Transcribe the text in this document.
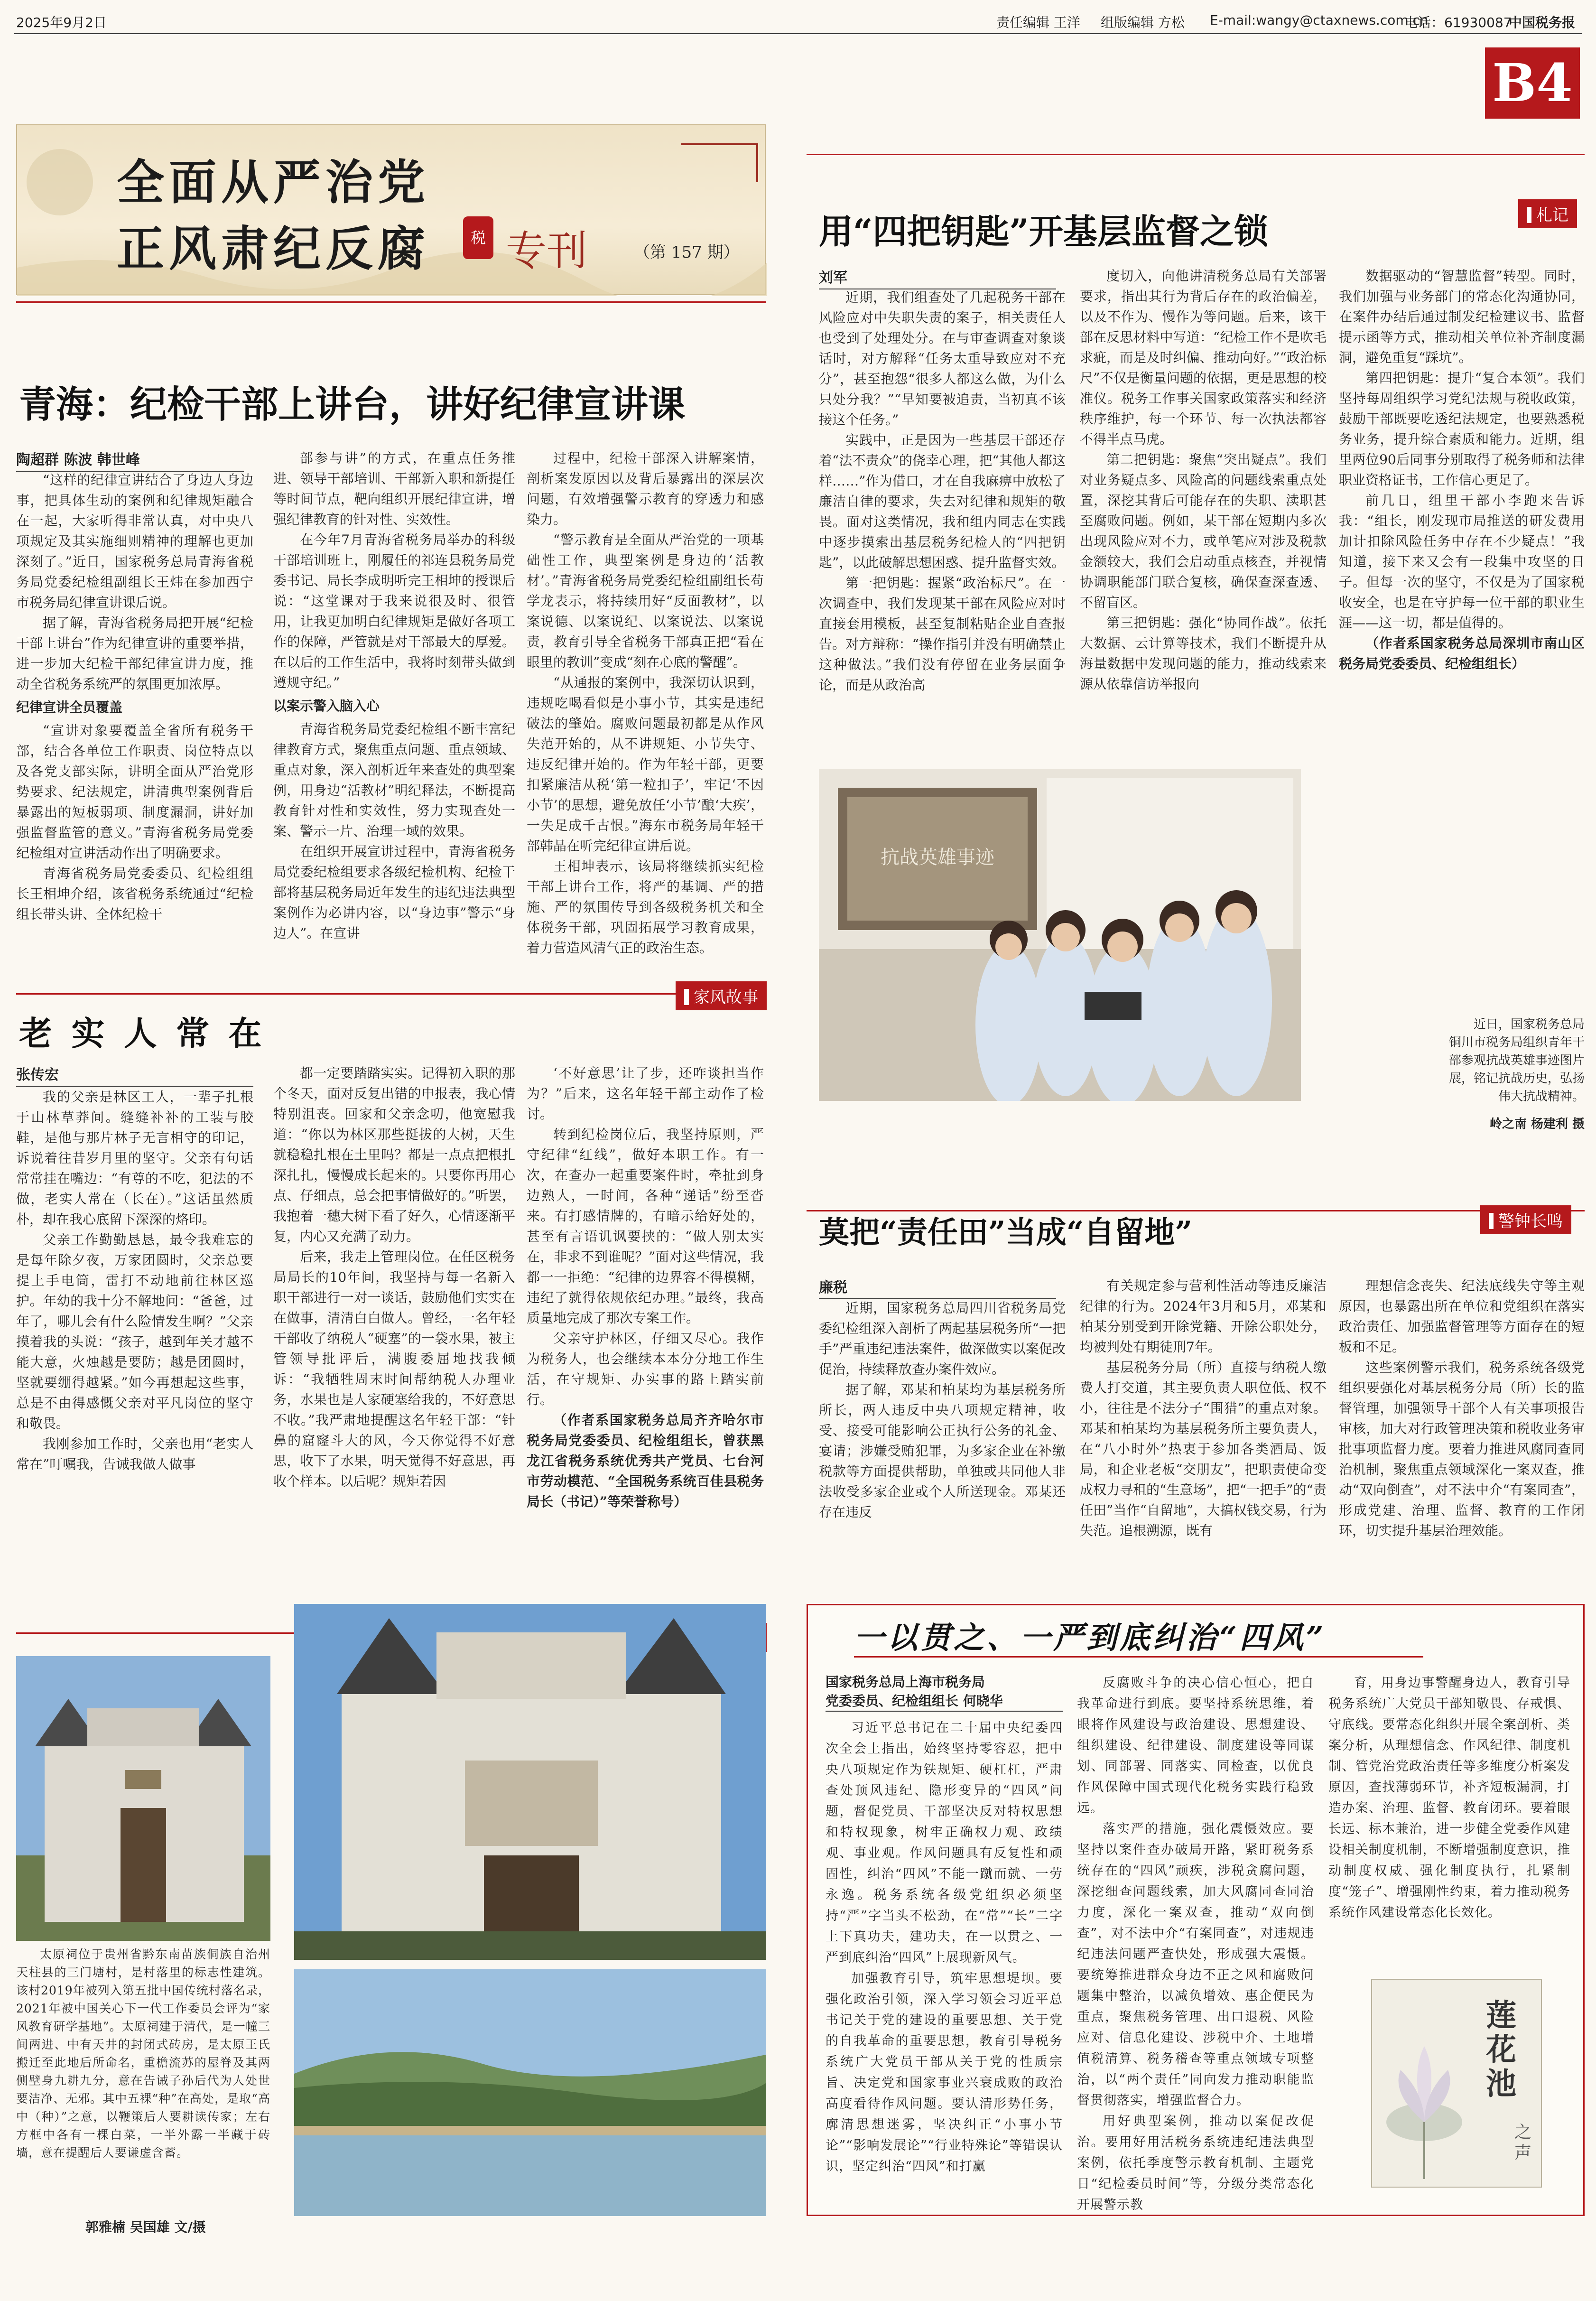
2025年9月2日	责任编辑 王洋 组版编辑 方松 E-mail:wangy@ctaxnews.com.cn
电话：61930087
中国税务报
B4
全面从严治党
正风肃纪反腐	税 专刊	（第 157 期）
青海：纪检干部上讲台，讲好纪律宣讲课
陶超群 陈波 韩世峰

“这样的纪律宣讲结合了身边人身边事，把具体生动的案例和纪律规矩融合在一起，大家听得非常认真，对中央八项规定及其实施细则精神的理解也更加深刻了。”近日，国家税务总局青海省税务局党委纪检组副组长王炜在参加西宁市税务局纪律宣讲课后说。

据了解，青海省税务局把开展“纪检干部上讲台”作为纪律宣讲的重要举措，进一步加大纪检干部纪律宣讲力度，推动全省税务系统严的氛围更加浓厚。

纪律宣讲全员覆盖

“宣讲对象要覆盖全省所有税务干部，结合各单位工作职责、岗位特点以及各党支部实际，讲明全面从严治党形势要求、纪法规定，讲清典型案例背后暴露出的短板弱项、制度漏洞，讲好加强监督监管的意义。”青海省税务局党委纪检组对宣讲活动作出了明确要求。

青海省税务局党委委员、纪检组组长王相坤介绍，该省税务系统通过“纪检组长带头讲、全体纪检干

部参与讲”的方式，在重点任务推进、领导干部培训、干部新入职和新提任等时间节点，靶向组织开展纪律宣讲，增强纪律教育的针对性、实效性。

在今年7月青海省税务局举办的科级干部培训班上，刚履任的祁连县税务局党委书记、局长李成明听完王相坤的授课后说：“这堂课对于我来说很及时、很管用，让我更加明白纪律规矩是做好各项工作的保障，严管就是对干部最大的厚爱。在以后的工作生活中，我将时刻带头做到遵规守纪。”

以案示警入脑入心

青海省税务局党委纪检组不断丰富纪律教育方式，聚焦重点问题、重点领域、重点对象，深入剖析近年来查处的典型案例，用身边“活教材”明纪释法，不断提高教育针对性和实效性，努力实现查处一案、警示一片、治理一域的效果。

在组织开展宣讲过程中，青海省税务局党委纪检组要求各级纪检机构、纪检干部将基层税务局近年发生的违纪违法典型案例作为必讲内容，以“身边事”警示“身边人”。在宣讲

过程中，纪检干部深入讲解案情，剖析案发原因以及背后暴露出的深层次问题，有效增强警示教育的穿透力和感染力。

“警示教育是全面从严治党的一项基础性工作，典型案例是身边的‘活教材’。”青海省税务局党委纪检组副组长苟学龙表示，将持续用好“反面教材”，以案说德、以案说纪、以案说法、以案说责，教育引导全省税务干部真正把“看在眼里的教训”变成“刻在心底的警醒”。

“从通报的案例中，我深切认识到，违规吃喝看似是小事小节，其实是违纪破法的肇始。腐败问题最初都是从作风失范开始的，从不讲规矩、小节失守、违反纪律开始的。作为年轻干部，更要扣紧廉洁从税‘第一粒扣子’，牢记‘不因小节’的思想，避免放任‘小节’酿‘大疾’，一失足成千古恨。”海东市税务局年轻干部韩晶在听完纪律宣讲后说。

王相坤表示，该局将继续抓实纪检干部上讲台工作，将严的基调、严的措施、严的氛围传导到各级税务机关和全体税务干部，巩固拓展学习教育成果，着力营造风清气正的政治生态。

家风故事
老 实 人 常 在
张传宏

我的父亲是林区工人，一辈子扎根于山林草莽间。缝缝补补的工装与胶鞋，是他与那片林子无言相守的印记，诉说着往昔岁月里的坚守。父亲有句话常常挂在嘴边：“有尊的不吃，犯法的不做，老实人常在（长在）。”这话虽然质朴，却在我心底留下深深的烙印。

父亲工作勤勤恳恳，最令我难忘的是每年除夕夜，万家团圆时，父亲总要提上手电筒，雷打不动地前往林区巡护。年幼的我十分不解地问：“爸爸，过年了，哪儿会有什么险情发生啊？”父亲摸着我的头说：“孩子，越到年关才越不能大意，火烛越是要防；越是团圆时，坚就要绷得越紧。”如今再想起这些事，总是不由得感慨父亲对平凡岗位的坚守和敬畏。

我刚参加工作时，父亲也用“老实人常在”叮嘱我，告诫我做人做事

都一定要踏踏实实。记得初入职的那个冬天，面对反复出错的申报表，我心情特别沮丧。回家和父亲念叨，他宽慰我道：“你以为林区那些挺拔的大树，天生就稳稳扎根在土里吗？都是一点点把根扎深扎扎，慢慢成长起来的。只要你再用心点、仔细点，总会把事情做好的。”听罢，我抱着一穗大树下看了好久，心情逐渐平复，内心又充满了动力。

后来，我走上管理岗位。在任区税务局局长的10年间，我坚持与每一名新入职干部进行一对一谈话，鼓励他们实实在在做事，清清白白做人。曾经，一名年轻干部收了纳税人“硬塞”的一袋水果，被主管领导批评后，满腹委屈地找我倾诉：“我牺牲周末时间帮纳税人办理业务，水果也是人家硬塞给我的，不好意思不收。”我严肃地提醒这名年轻干部：“针鼻的窟窿斗大的风，今天你觉得不好意思，收下了水果，明天觉得不好意思，再收个样本。以后呢？规矩若因

‘不好意思’让了步，还咋谈担当作为？”后来，这名年轻干部主动作了检讨。

转到纪检岗位后，我坚持原则，严守纪律“红线”，做好本职工作。有一次，在查办一起重要案件时，牵扯到身边熟人，一时间，各种“递话”纷至沓来。有打感情牌的，有暗示给好处的，甚至有言语讥讽要挟的：“做人别太实在，非求不到谁呢？”面对这些情况，我都一一拒绝：“纪律的边界容不得模糊，违纪了就得依规依纪办理。”最终，我高质量地完成了那次专案工作。

父亲守护林区，仔细又尽心。我作为税务人，也会继续本本分分地工作生活，在守规矩、办实事的路上踏实前行。

（作者系国家税务总局齐齐哈尔市税务局党委委员、纪检组组长，曾获黑龙江省税务系统优秀共产党员、七台河市劳动模范、“全国税务系统百佳县税务局长（书记）”等荣誉称号）

札记
用“四把钥匙”开基层监督之锁
刘军

近期，我们组查处了几起税务干部在风险应对中失职失责的案子，相关责任人也受到了处理处分。在与审查调查对象谈话时，对方解释“任务太重导致应对不充分”，甚至抱怨“很多人都这么做，为什么只处分我？”“早知要被追责，当初真不该接这个任务。”

实践中，正是因为一些基层干部还存着“法不责众”的侥幸心理，把“其他人都这样……”作为借口，才在自我麻痹中放松了廉洁自律的要求，失去对纪律和规矩的敬畏。面对这类情况，我和组内同志在实践中逐步摸索出基层税务纪检人的“四把钥匙”，以此破解思想困惑、提升监督实效。

第一把钥匙：握紧“政治标尺”。在一次调查中，我们发现某干部在风险应对时直接套用模板，甚至复制粘贴企业自查报告。对方辩称：“操作指引并没有明确禁止这种做法。”我们没有停留在业务层面争论，而是从政治高

度切入，向他讲清税务总局有关部署要求，指出其行为背后存在的政治偏差，以及不作为、慢作为等问题。后来，该干部在反思材料中写道：“纪检工作不是吹毛求疵，而是及时纠偏、推动向好。”“政治标尺”不仅是衡量问题的依据，更是思想的校准仪。税务工作事关国家政策落实和经济秩序维护，每一个环节、每一次执法都容不得半点马虎。

第二把钥匙：聚焦“突出疑点”。我们对业务疑点多、风险高的问题线索重点处置，深挖其背后可能存在的失职、渎职甚至腐败问题。例如，某干部在短期内多次出现风险应对不力，或单笔应对涉及税款金额较大，我们会启动重点核查，并视情协调职能部门联合复核，确保查深查透、不留盲区。

第三把钥匙：强化“协同作战”。依托大数据、云计算等技术，我们不断提升从海量数据中发现问题的能力，推动线索来源从依靠信访举报向

数据驱动的“智慧监督”转型。同时，我们加强与业务部门的常态化沟通协同，在案件办结后通过制发纪检建议书、监督提示函等方式，推动相关单位补齐制度漏洞，避免重复“踩坑”。

第四把钥匙：提升“复合本领”。我们坚持每周组织学习党纪法规与税收政策，鼓励干部既要吃透纪法规定，也要熟悉税务业务，提升综合素质和能力。近期，组里两位90后同事分别取得了税务师和法律职业资格证书，工作信心更足了。

前几日，组里干部小李跑来告诉我：“组长，刚发现市局推送的研发费用加计扣除风险任务中存在不少疑点！”我知道，接下来又会有一段集中攻坚的日子。但每一次的坚守，不仅是为了国家税收安全，也是在守护每一位干部的职业生涯——这一切，都是值得的。

（作者系国家税务总局深圳市南山区税务局党委委员、纪检组组长）

抗战英雄事迹
近日，国家税务总局
铜川市税务局组织青年干
部参观抗战英雄事迹图片
展，铭记抗战历史，弘扬
伟大抗战精神。
岭之南 杨建利 摄
警钟长鸣
莫把“责任田”当成“自留地”
廉税

近期，国家税务总局四川省税务局党委纪检组深入剖析了两起基层税务所“一把手”严重违纪违法案件，做深做实以案促改促治，持续释放查办案件效应。

据了解，邓某和柏某均为基层税务所所长，两人违反中央八项规定精神，收受、接受可能影响公正执行公务的礼金、宴请；涉嫌受贿犯罪，为多家企业在补缴税款等方面提供帮助，单独或共同他人非法收受多家企业或个人所送现金。邓某还存在违反

有关规定参与营利性活动等违反廉洁纪律的行为。2024年3月和5月，邓某和柏某分别受到开除党籍、开除公职处分，均被判处有期徒刑7年。

基层税务分局（所）直接与纳税人缴费人打交道，其主要负责人职位低、权不小，往往是不法分子“围猎”的重点对象。邓某和柏某均为基层税务所主要负责人，在“八小时外”热衷于参加各类酒局、饭局，和企业老板“交朋友”，把职责使命变成权力寻租的“生意场”，把“一把手”的“责任田”当作“自留地”，大搞权钱交易，行为失范。追根溯源，既有

理想信念丧失、纪法底线失守等主观原因，也暴露出所在单位和党组织在落实政治责任、加强监督管理等方面存在的短板和不足。

这些案例警示我们，税务系统各级党组织要强化对基层税务分局（所）长的监督管理，加强领导干部个人有关事项报告审核，加大对行政管理决策和税收业务审批事项监督力度。要着力推进风腐同查同治机制，聚焦重点领域深化一案双查，推动“双向倒查”，对不法中介“有案同查”，形成党建、治理、监督、教育的工作闭环，切实提升基层治理效能。

太原祠位于贵州省黔东南苗族侗族自治州天柱县的三门塘村，是村落里的标志性建筑。该村2019年被列入第五批中国传统村落名录，2021年被中国关心下一代工作委员会评为“家风教育研学基地”。太原祠建于清代，是一幢三间两进、中有天井的封闭式砖房，是太原王氏搬迁至此地后所命名，重檐流苏的屋脊及其两侧壁身九耕九分，意在告诫子孙后代为人处世要洁净、无邪。其中五裸“种”在高处，是取“高中（种）”之意，以鞭策后人要耕读传家；左右方框中各有一棵白菜，一半外露一半藏于砖墙，意在提醒后人要谦虚含蓄。

郭雅楠 吴国雄 文/摄
一以贯之、一严到底纠治“四风”
国家税务总局上海市税务局
党委委员、纪检组组长 何晓华

习近平总书记在二十届中央纪委四次全会上指出，始终坚持零容忍，把中央八项规定作为铁规矩、硬杠杠，严肃查处顶风违纪、隐形变异的“四风”问题，督促党员、干部坚决反对特权思想和特权现象，树牢正确权力观、政绩观、事业观。作风问题具有反复性和顽固性，纠治“四风”不能一蹴而就、一劳永逸。税务系统各级党组织必须坚持“严”字当头不松劲，在“常”“长”二字上下真功夫，建功夫，在一以贯之、一严到底纠治“四风”上展现新风气。

加强教育引导，筑牢思想堤坝。要强化政治引领，深入学习领会习近平总书记关于党的建设的重要思想、关于党的自我革命的重要思想，教育引导税务系统广大党员干部从关于党的性质宗旨、决定党和国家事业兴衰成败的政治高度看待作风问题。要认清形势任务，廓清思想迷雾，坚决纠正“小事小节论”“影响发展论”“行业特殊论”等错误认识，坚定纠治“四风”和打赢

反腐败斗争的决心信心恒心，把自我革命进行到底。要坚持系统思维，着眼将作风建设与政治建设、思想建设、组织建设、纪律建设、制度建设等同谋划、同部署、同落实、同检查，以优良作风保障中国式现代化税务实践行稳致远。

落实严的措施，强化震慑效应。要坚持以案件查办破局开路，紧盯税务系统存在的“四风”顽疾，涉税贪腐问题，深挖细查问题线索，加大风腐同查同治力度，深化一案双查，推动“双向倒查”，对不法中介“有案同查”，对违规违纪违法问题严查快处，形成强大震慑。要统筹推进群众身边不正之风和腐败问题集中整治，以减负增效、惠企便民为重点，聚焦税务管理、出口退税、风险应对、信息化建设、涉税中介、土地增值税清算、税务稽查等重点领域专项整治，以“两个责任”同向发力推动职能监督贯彻落实，增强监督合力。

用好典型案例，推动以案促改促治。要用好用活税务系统违纪违法典型案例，依托季度警示教育机制、主题党日“纪检委员时间”等，分级分类常态化开展警示教

育，用身边事警醒身边人，教育引导税务系统广大党员干部知敬畏、存戒惧、守底线。要常态化组织开展全案剖析、类案分析，从理想信念、作风纪律、制度机制、管党治党政治责任等多维度分析案发原因，查找薄弱环节，补齐短板漏洞，打造办案、治理、监督、教育闭环。要着眼长远、标本兼治，进一步健全党委作风建设相关制度机制，不断增强制度意识，推动制度权威、强化制度执行，扎紧制度“笼子”、增强刚性约束，着力推动税务系统作风建设常态化长效化。

莲
花
池
之
声
